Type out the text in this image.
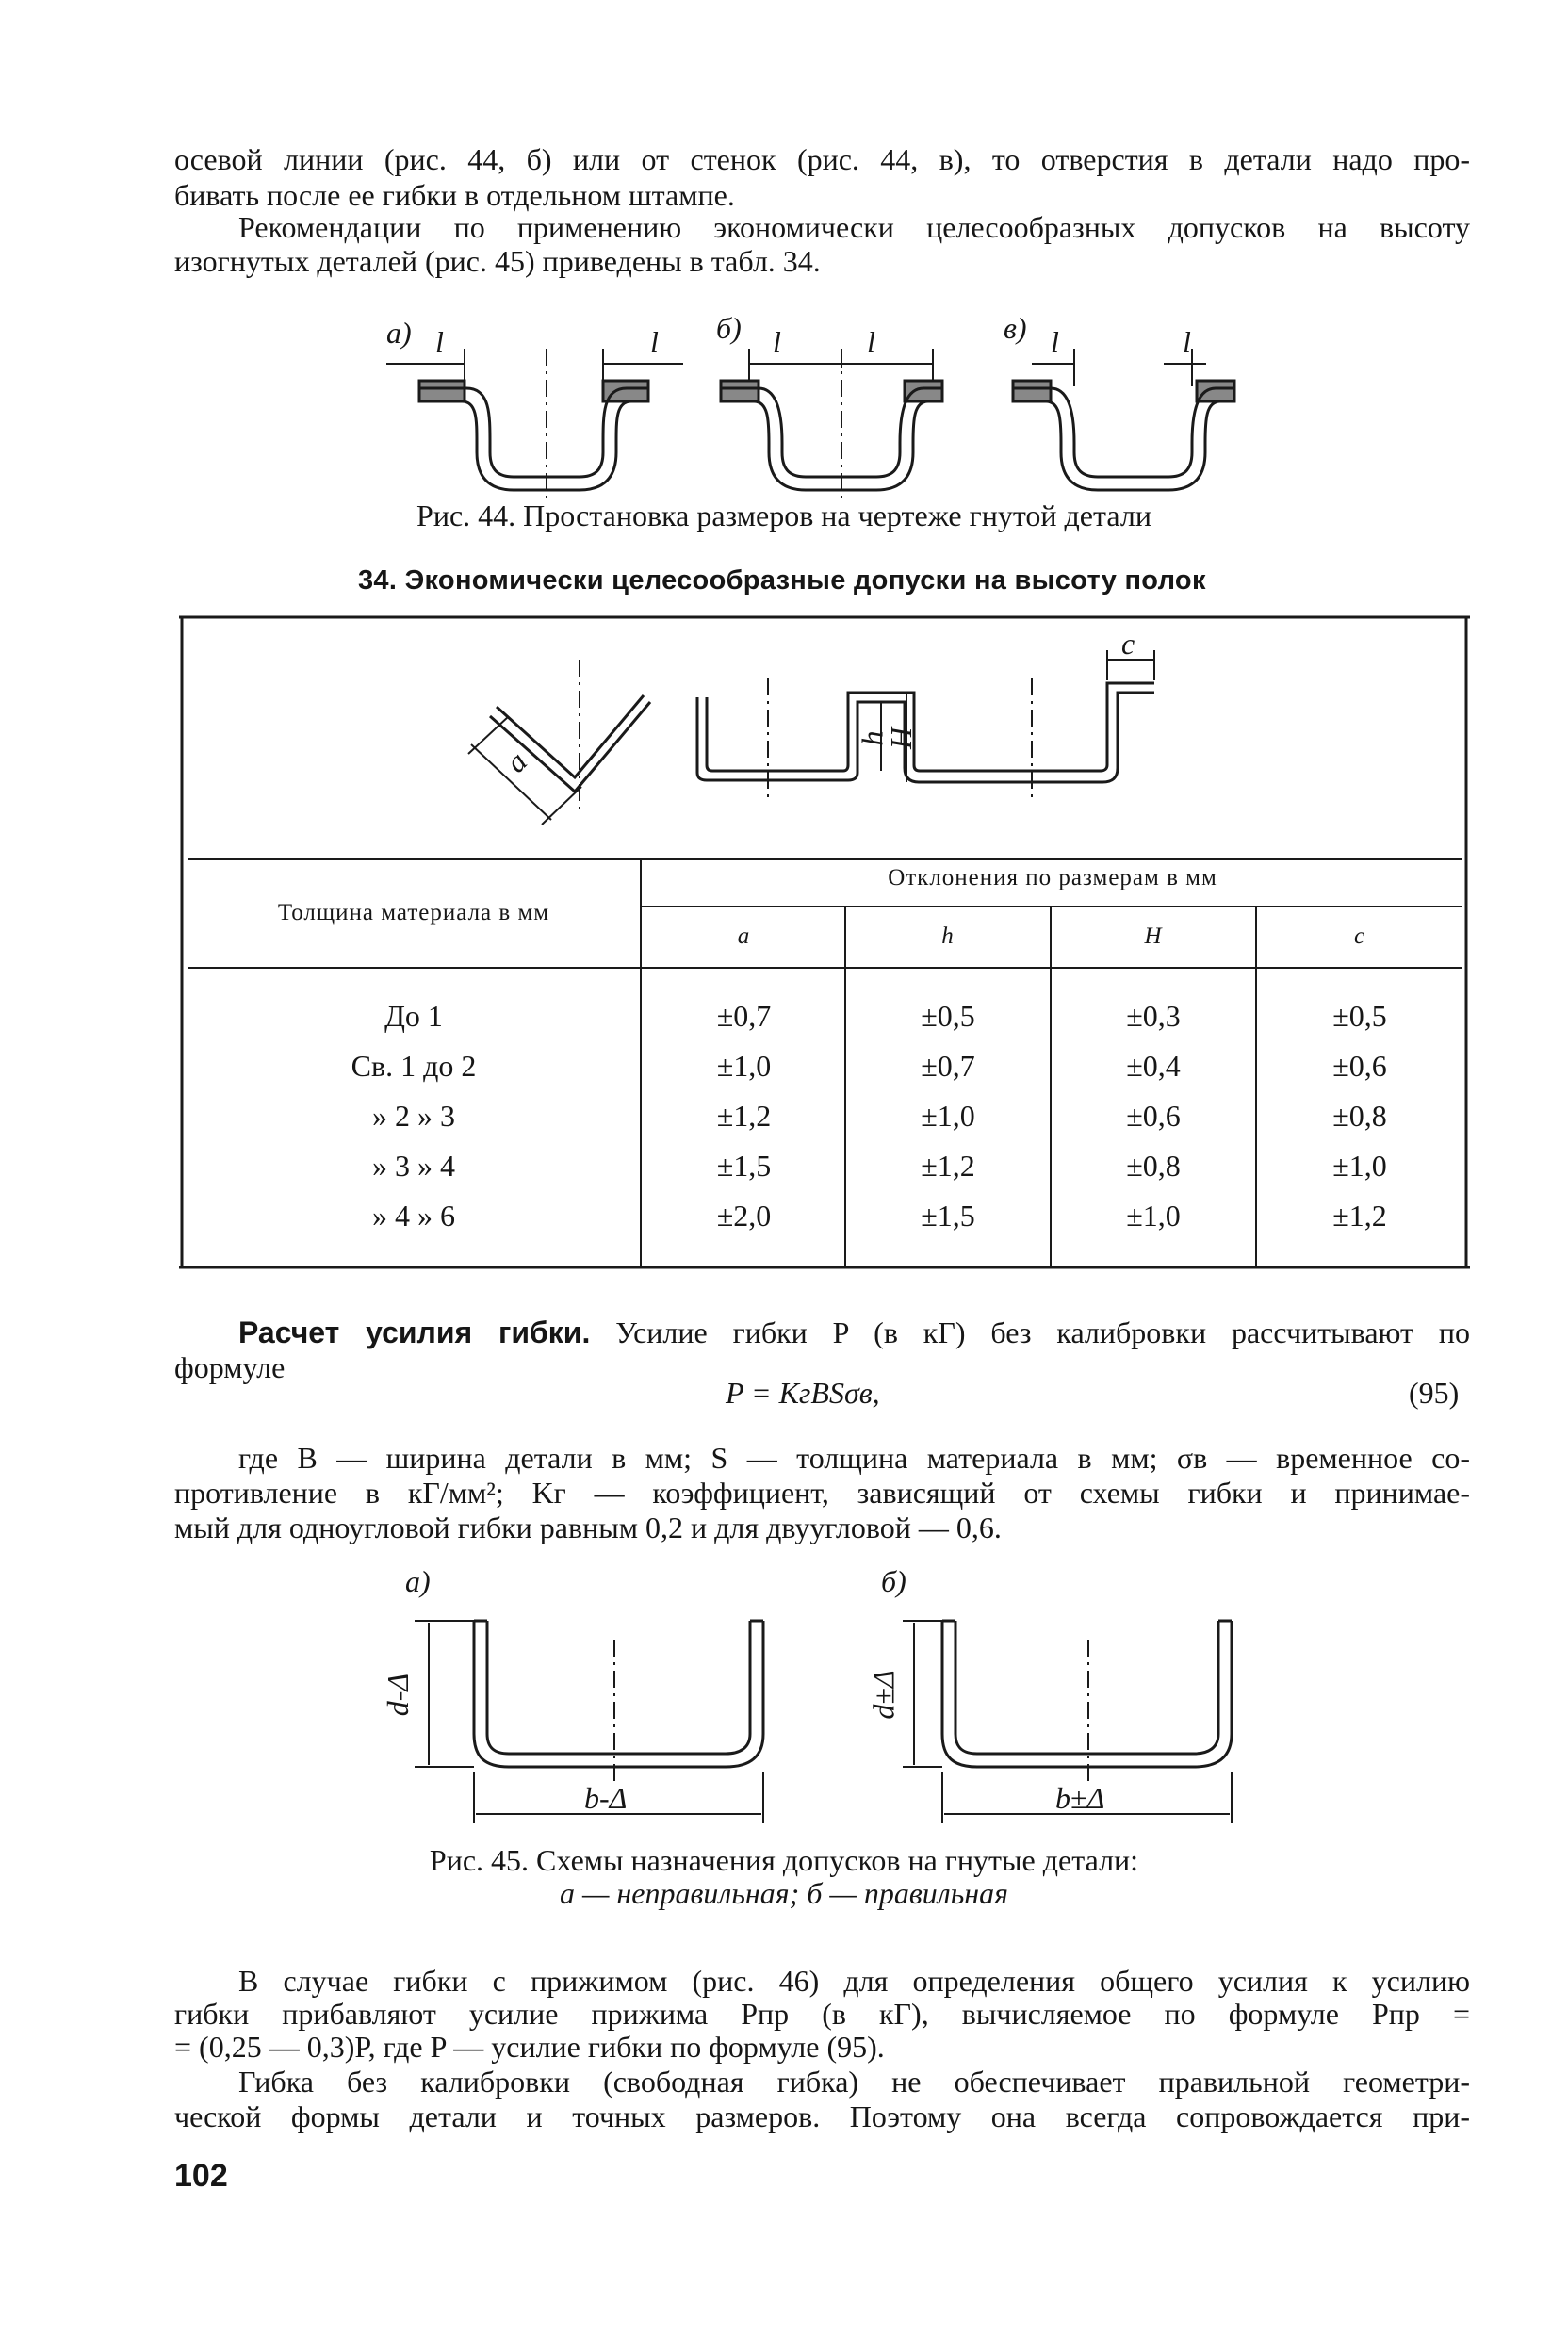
осевой линии (рис. 44, б) или от стенок (рис. 44, в), то отверстия в детали надо про-
бивать после ее гибки в отдельном штампе.
Рекомендации по применению экономически целесообразных допусков на высоту
изогнутых деталей (рис. 45) приведены в табл. 34.
а) l	l б) l	l	в) l	l
Рис. 44. Простановка размеров на чертеже гнутой детали
34. Экономически целесообразные допуски на высоту полок
a
h
H
c
Толщина материала в мм
Отклонения по размерам в мм
a	h	H	c
До 1	±0,7	±0,5	±0,3	±0,5
Св. 1 до 2	±1,0	±0,7	±0,4	±0,6
» 2 » 3	±1,2	±1,0	±0,6	±0,8
» 3 » 4	±1,5	±1,2	±0,8	±1,0
» 4 » 6	±2,0	±1,5	±1,0	±1,2
Расчет усилия гибки. Усилие гибки P (в кГ) без калибровки рассчитывают по
формуле
P = KгBSσв,	(95)
где B — ширина детали в мм; S — толщина материала в мм; σв — временное со-
противление в кГ/мм²; Kг — коэффициент, зависящий от схемы гибки и принимае-
мый для одноугловой гибки равным 0,2 и для двуугловой — 0,6.
а)	б)
d-Δ
b-Δ
d±Δ
b±Δ
Рис. 45. Схемы назначения допусков на гнутые детали:
а — неправильная; б — правильная
В случае гибки с прижимом (рис. 46) для определения общего усилия к усилию
гибки прибавляют усилие прижима Pпр (в кГ), вычисляемое по формуле Pпр =
= (0,25 — 0,3)P, где P — усилие гибки по формуле (95).
Гибка без калибровки (свободная гибка) не обеспечивает правильной геометри-
ческой формы детали и точных размеров. Поэтому она всегда сопровождается при-
102
